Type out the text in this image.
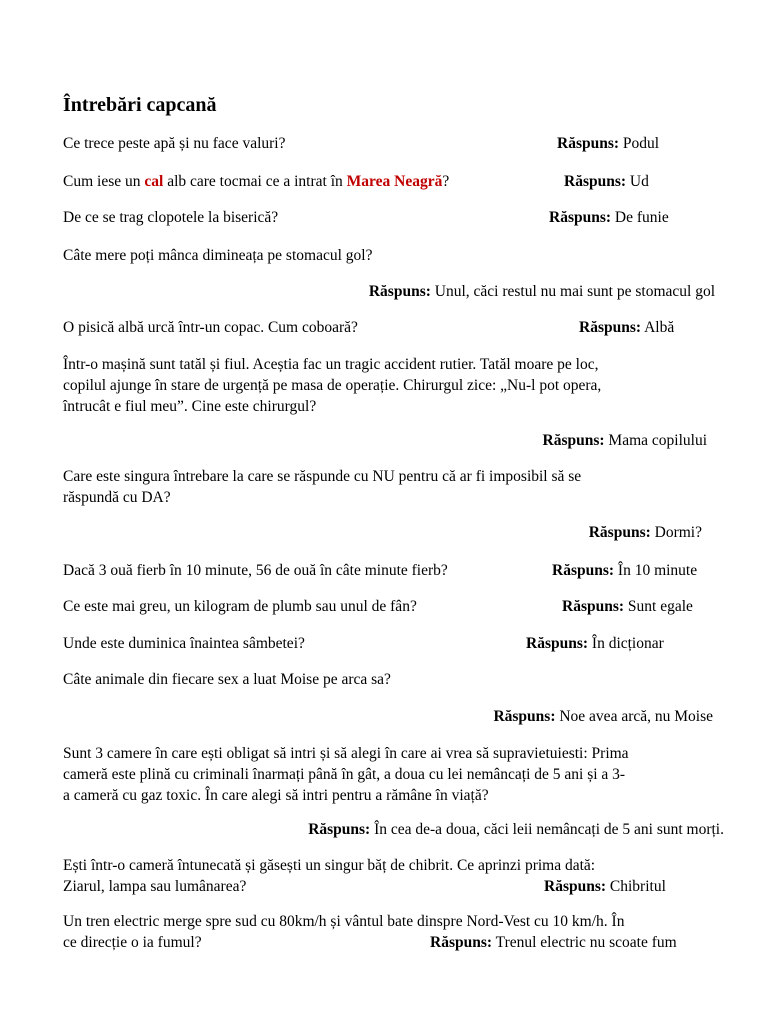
Întrebări capcană
Ce trece peste apă și nu face valuri?	Răspuns: Podul
Cum iese un cal alb care tocmai ce a intrat în Marea Neagră?	Răspuns: Ud
De ce se trag clopotele la biserică?	Răspuns: De funie
Câte mere poți mânca dimineața pe stomacul gol?
Răspuns: Unul, căci restul nu mai sunt pe stomacul gol
O pisică albă urcă într-un copac. Cum coboară?	Răspuns: Albă
Într-o mașină sunt tatăl și fiul. Aceștia fac un tragic accident rutier. Tatăl moare pe loc,
copilul ajunge în stare de urgență pe masa de operație. Chirurgul zice: „Nu-l pot opera,
întrucât e fiul meu”. Cine este chirurgul?
Răspuns: Mama copilului
Care este singura întrebare la care se răspunde cu NU pentru că ar fi imposibil să se
răspundă cu DA?
Răspuns: Dormi?
Dacă 3 ouă fierb în 10 minute, 56 de ouă în câte minute fierb?	Răspuns: În 10 minute
Ce este mai greu, un kilogram de plumb sau unul de fân?	Răspuns: Sunt egale
Unde este duminica înaintea sâmbetei?	Răspuns: În dicționar
Câte animale din fiecare sex a luat Moise pe arca sa?
Răspuns: Noe avea arcă, nu Moise
Sunt 3 camere în care ești obligat să intri și să alegi în care ai vrea să supravietuiesti: Prima
cameră este plină cu criminali înarmați până în gât, a doua cu lei nemâncați de 5 ani și a 3-
a cameră cu gaz toxic. În care alegi să intri pentru a rămâne în viață?
Răspuns: În cea de-a doua, căci leii nemâncați de 5 ani sunt morți.
Ești într-o cameră întunecată și găsești un singur băț de chibrit. Ce aprinzi prima dată:
Ziarul, lampa sau lumânarea?	Răspuns: Chibritul
Un tren electric merge spre sud cu 80km/h și vântul bate dinspre Nord-Vest cu 10 km/h. În
ce direcție o ia fumul?	Răspuns: Trenul electric nu scoate fum
